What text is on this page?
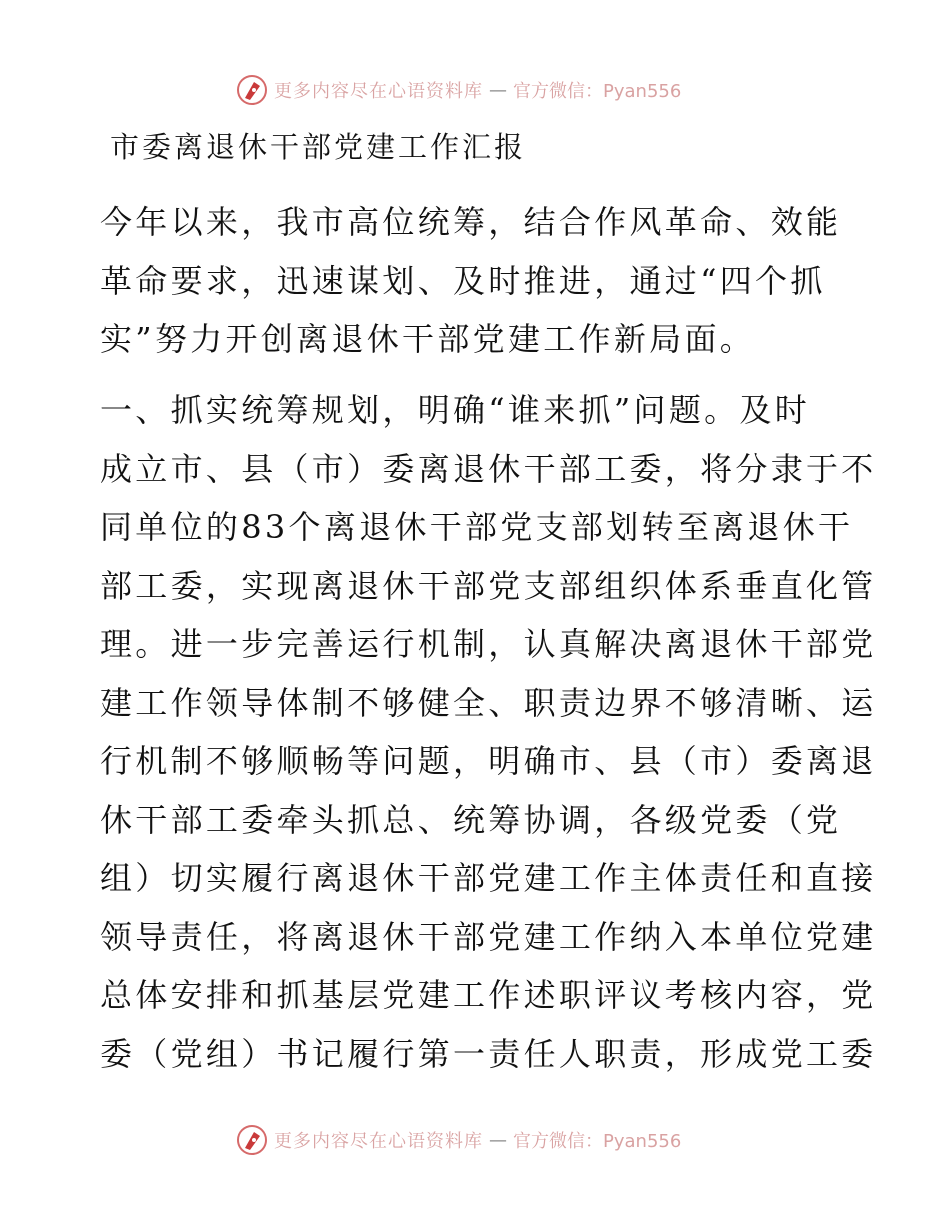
更多内容尽在心语资料库 — 官方微信：Pyan556
市委离退休干部党建工作汇报
今年以来，我市高位统筹，结合作风革命、效能
革命要求，迅速谋划、及时推进，通过“四个抓
实”努力开创离退休干部党建工作新局面。
一、抓实统筹规划，明确“谁来抓”问题。及时
成立市、县（市）委离退休干部工委，将分隶于不
同单位的83个离退休干部党支部划转至离退休干
部工委，实现离退休干部党支部组织体系垂直化管
理。进一步完善运行机制，认真解决离退休干部党
建工作领导体制不够健全、职责边界不够清晰、运
行机制不够顺畅等问题，明确市、县（市）委离退
休干部工委牵头抓总、统筹协调，各级党委（党
组）切实履行离退休干部党建工作主体责任和直接
领导责任，将离退休干部党建工作纳入本单位党建
总体安排和抓基层党建工作述职评议考核内容，党
委（党组）书记履行第一责任人职责，形成党工委
更多内容尽在心语资料库 — 官方微信：Pyan556
